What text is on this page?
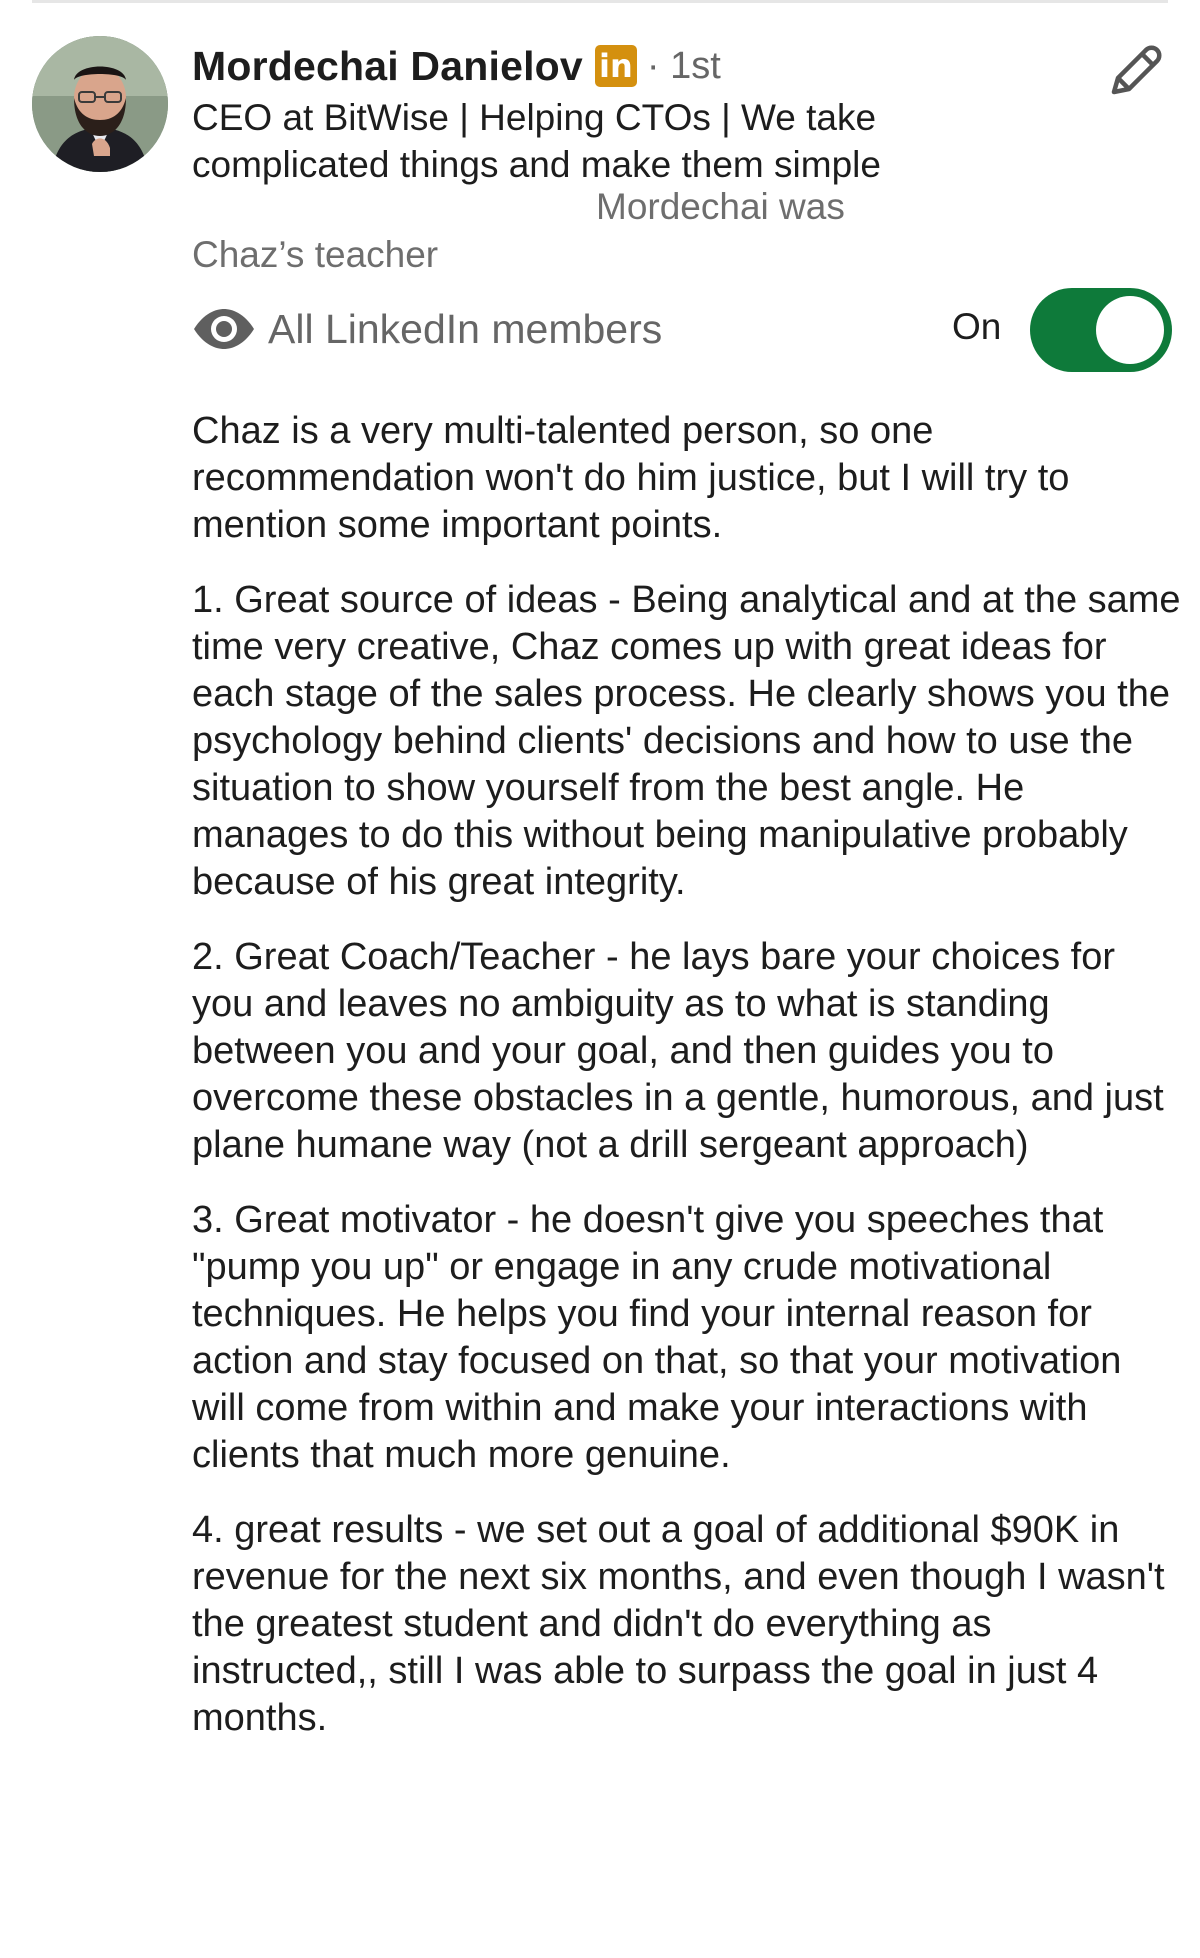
Mordechai Danielov in · 1st
CEO at BitWise | Helping CTOs | We take complicated things and make them simple
Mordechai was
Chaz’s teacher
All LinkedIn members	On

Chaz is a very multi-talented person, so one recommendation won't do him justice, but I will try to mention some important points.

1. Great source of ideas - Being analytical and at the same time very creative, Chaz comes up with great ideas for each stage of the sales process. He clearly shows you the psychology behind clients' decisions and how to use the situation to show yourself from the best angle. He manages to do this without being manipulative probably because of his great integrity.

2. Great Coach/Teacher - he lays bare your choices for you and leaves no ambiguity as to what is standing between you and your goal, and then guides you to overcome these obstacles in a gentle, humorous, and just plane humane way (not a drill sergeant approach)

3. Great motivator - he doesn't give you speeches that "pump you up" or engage in any crude motivational techniques. He helps you find your internal reason for action and stay focused on that, so that your motivation will come from within and make your interactions with clients that much more genuine.

4. great results - we set out a goal of additional $90K in revenue for the next six months, and even though I wasn't the greatest student and didn't do everything as instructed,, still I was able to surpass the goal in just 4 months.
